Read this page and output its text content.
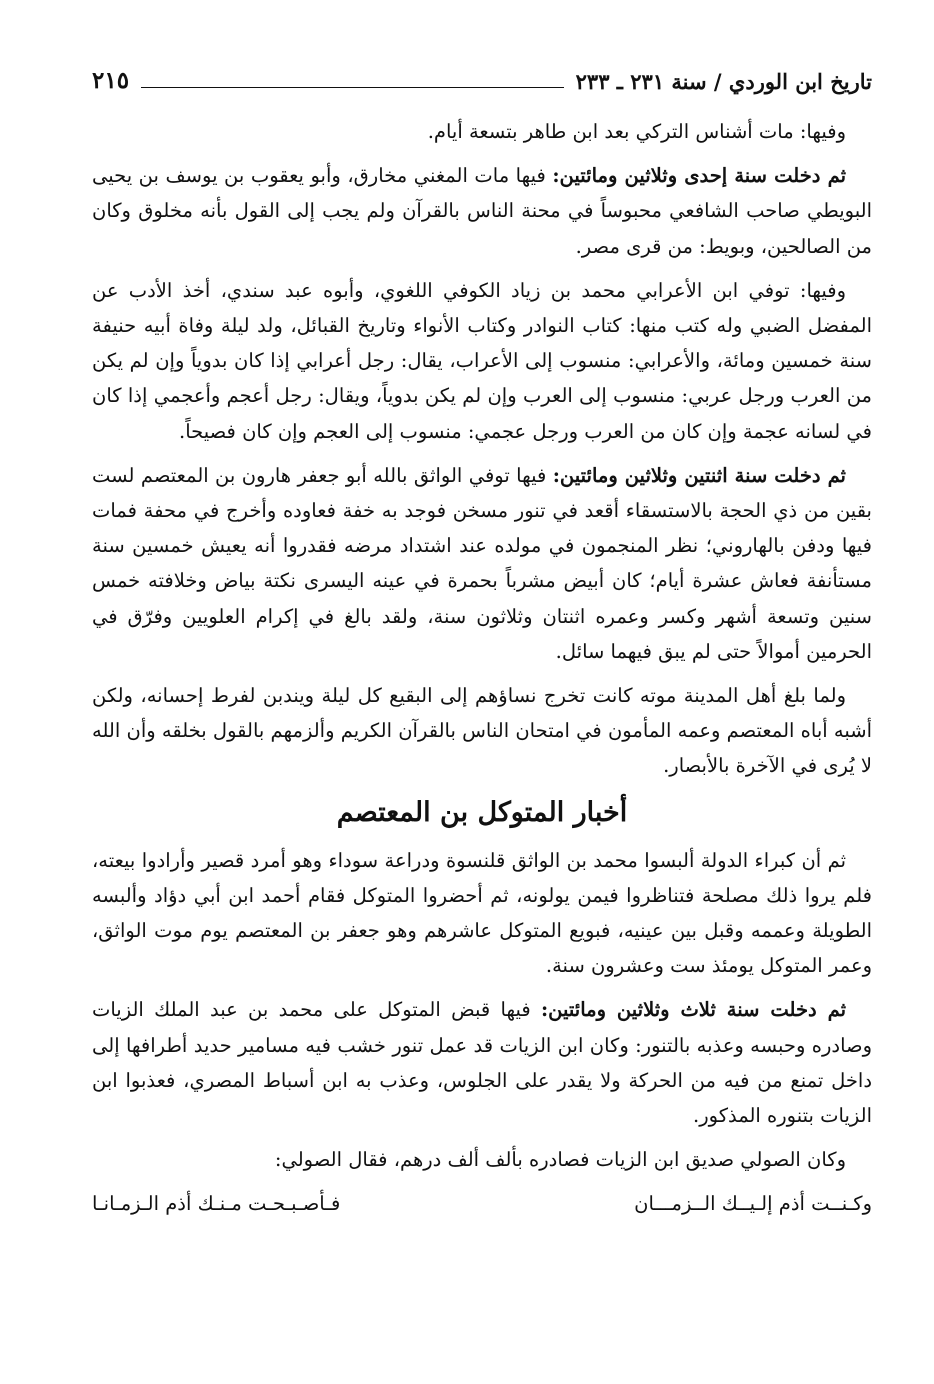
تاريخ ابن الوردي / سنة ٢٣١ ـ ٢٣٣
٢١٥

وفيها: مات أشناس التركي بعد ابن طاهر بتسعة أيام.

ثم دخلت سنة إحدى وثلاثين ومائتين: فيها مات المغني مخارق، وأبو يعقوب بن يوسف بن يحيى البويطي صاحب الشافعي محبوساً في محنة الناس بالقرآن ولم يجب إلى القول بأنه مخلوق وكان من الصالحين، وبويط: من قرى مصر.

وفيها: توفي ابن الأعرابي محمد بن زياد الكوفي اللغوي، وأبوه عبد سندي، أخذ الأدب عن المفضل الضبي وله كتب منها: كتاب النوادر وكتاب الأنواء وتاريخ القبائل، ولد ليلة وفاة أبيه حنيفة سنة خمسين ومائة، والأعرابي: منسوب إلى الأعراب، يقال: رجل أعرابي إذا كان بدوياً وإن لم يكن من العرب ورجل عربي: منسوب إلى العرب وإن لم يكن بدوياً، ويقال: رجل أعجم وأعجمي إذا كان في لسانه عجمة وإن كان من العرب ورجل عجمي: منسوب إلى العجم وإن كان فصيحاً.

ثم دخلت سنة اثنتين وثلاثين ومائتين: فيها توفي الواثق بالله أبو جعفر هارون بن المعتصم لست بقين من ذي الحجة بالاستسقاء أقعد في تنور مسخن فوجد به خفة فعاوده وأخرج في محفة فمات فيها ودفن بالهاروني؛ نظر المنجمون في مولده عند اشتداد مرضه فقدروا أنه يعيش خمسين سنة مستأنفة فعاش عشرة أيام؛ كان أبيض مشرباً بحمرة في عينه اليسرى نكتة بياض وخلافته خمس سنين وتسعة أشهر وكسر وعمره اثنتان وثلاثون سنة، ولقد بالغ في إكرام العلويين وفرّق في الحرمين أموالاً حتى لم يبق فيهما سائل.

ولما بلغ أهل المدينة موته كانت تخرج نساؤهم إلى البقيع كل ليلة ويندبن لفرط إحسانه، ولكن أشبه أباه المعتصم وعمه المأمون في امتحان الناس بالقرآن الكريم وألزمهم بالقول بخلقه وأن الله لا يُرى في الآخرة بالأبصار.

أخبار المتوكل بن المعتصم

ثم أن كبراء الدولة ألبسوا محمد بن الواثق قلنسوة ودراعة سوداء وهو أمرد قصير وأرادوا بيعته، فلم يروا ذلك مصلحة فتناظروا فيمن يولونه، ثم أحضروا المتوكل فقام أحمد ابن أبي دؤاد وألبسه الطويلة وعممه وقبل بين عينيه، فبويع المتوكل عاشرهم وهو جعفر بن المعتصم يوم موت الواثق، وعمر المتوكل يومئذ ست وعشرون سنة.

ثم دخلت سنة ثلاث وثلاثين ومائتين: فيها قبض المتوكل على محمد بن عبد الملك الزيات وصادره وحبسه وعذبه بالتنور: وكان ابن الزيات قد عمل تنور خشب فيه مسامير حديد أطرافها إلى داخل تمنع من فيه من الحركة ولا يقدر على الجلوس، وعذب به ابن أسباط المصري، فعذبوا ابن الزيات بتنوره المذكور.

وكان الصولي صديق ابن الزيات فصادره بألف ألف درهم، فقال الصولي:

وكـنــت أذم إلـيــك الــزمـــان
فـأصـبـحـت مـنـك أذم الـزمـانـا
